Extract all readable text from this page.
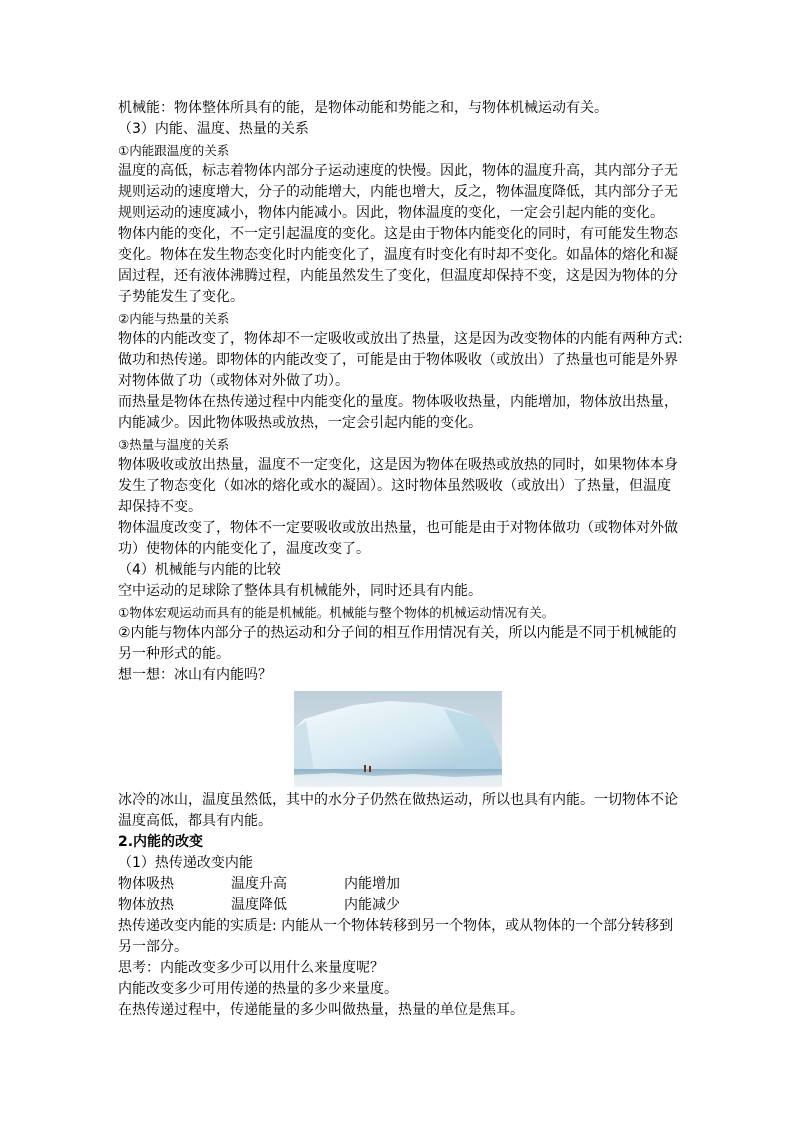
机械能：物体整体所具有的能，是物体动能和势能之和，与物体机械运动有关。

（3）内能、温度、热量的关系

①内能跟温度的关系

温度的高低，标志着物体内部分子运动速度的快慢。因此，物体的温度升高，其内部分子无

规则运动的速度增大，分子的动能增大，内能也增大，反之，物体温度降低，其内部分子无

规则运动的速度减小，物体内能减小。因此，物体温度的变化，一定会引起内能的变化。

物体内能的变化，不一定引起温度的变化。这是由于物体内能变化的同时，有可能发生物态

变化。物体在发生物态变化时内能变化了，温度有时变化有时却不变化。如晶体的熔化和凝

固过程，还有液体沸腾过程，内能虽然发生了变化，但温度却保持不变，这是因为物体的分

子势能发生了变化。

②内能与热量的关系

物体的内能改变了，物体却不一定吸收或放出了热量，这是因为改变物体的内能有两种方式:

做功和热传递。即物体的内能改变了，可能是由于物体吸收（或放出）了热量也可能是外界

对物体做了功（或物体对外做了功）。

而热量是物体在热传递过程中内能变化的量度。物体吸收热量，内能增加，物体放出热量，

内能减少。因此物体吸热或放热，一定会引起内能的变化。

③热量与温度的关系

物体吸收或放出热量，温度不一定变化，这是因为物体在吸热或放热的同时，如果物体本身

发生了物态变化（如冰的熔化或水的凝固）。这时物体虽然吸收（或放出）了热量，但温度

却保持不变。

物体温度改变了，物体不一定要吸收或放出热量，也可能是由于对物体做功（或物体对外做

功）使物体的内能变化了，温度改变了。

（4）机械能与内能的比较

空中运动的足球除了整体具有机械能外，同时还具有内能。

①物体宏观运动而具有的能是机械能。机械能与整个物体的机械运动情况有关。

②内能与物体内部分子的热运动和分子间的相互作用情况有关，所以内能是不同于机械能的

另一种形式的能。

想一想：冰山有内能吗？

冰冷的冰山，温度虽然低，其中的水分子仍然在做热运动，所以也具有内能。一切物体不论

温度高低，都具有内能。

2.内能的改变

（1）热传递改变内能

物体吸热	温度升高	内能增加
物体放热	温度降低	内能减少

热传递改变内能的实质是: 内能从一个物体转移到另一个物体，或从物体的一个部分转移到

另一部分。

思考：内能改变多少可以用什么来量度呢？

内能改变多少可用传递的热量的多少来量度。

在热传递过程中，传递能量的多少叫做热量，热量的单位是焦耳。
